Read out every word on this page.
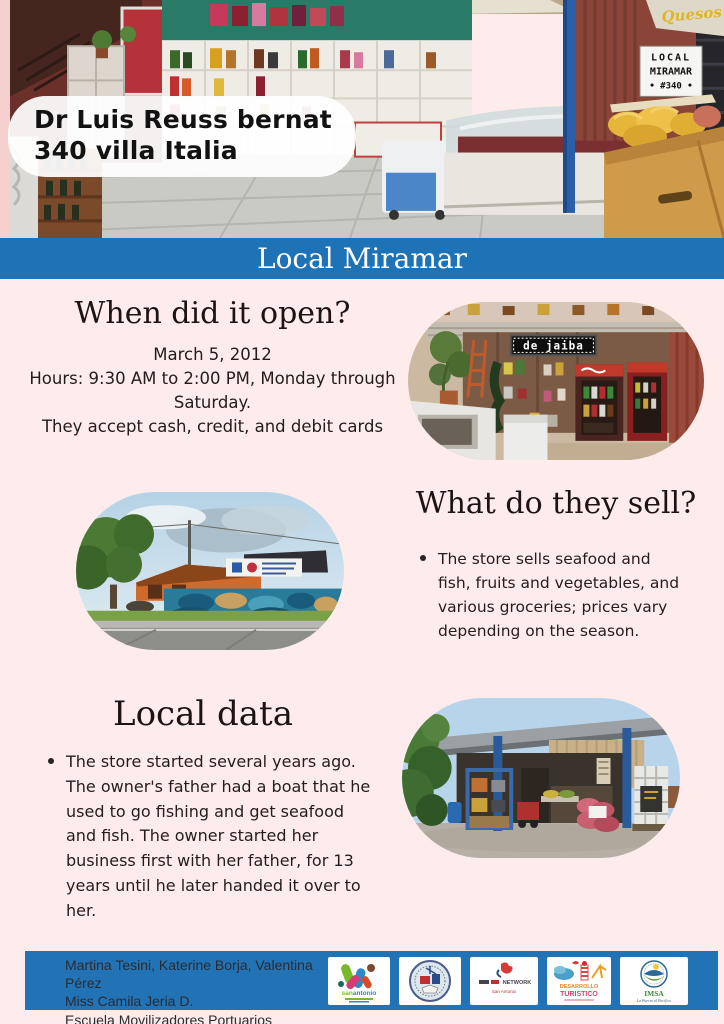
Quesos
LOCAL
MIRAMAR
• #340 •
Dr Luis Reuss bernat
340 villa Italia
Local Miramar
When did it open?
March 5, 2012
Hours: 9:30 AM to 2:00 PM, Monday through Saturday.
They accept cash, credit, and debit cards
de jaiba
What do they sell?
The store sells seafood and fish, fruits and vegetables, and various groceries; prices vary depending on the season.
Local data
The store started several years ago. The owner's father had a boat that he used to go fishing and get seafood and fish. The owner started her business first with her father, for 13 years until he later handed it over to her.
Martina Tesini, Katerine Borja, Valentina Pérez
Miss Camila Jeria D.
Escuela Movilizadores Portuarios
sanantonio
NETWORK
San Antonio
DESARROLLO
TURISTICO	IMSA
La Puerta al Pacífico
